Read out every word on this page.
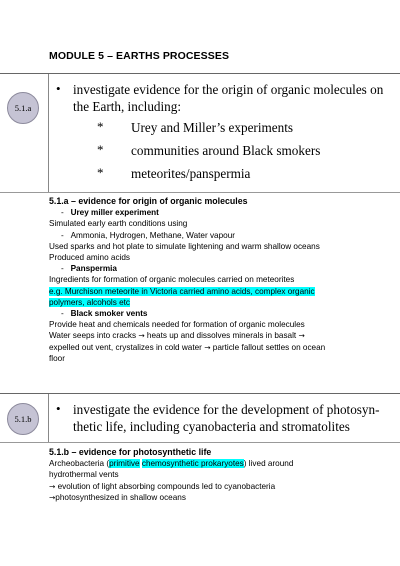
MODULE 5 – EARTHS PROCESSES
5.1.a
• investigate evidence for the origin of organic molecules on
the Earth, including:
* Urey and Miller’s experiments
* communities around Black smokers
* meteorites/panspermia
5.1.a – evidence for origin of organic molecules
- Urey miller experiment
Simulated early earth conditions using
- Ammonia, Hydrogen, Methane, Water vapour
Used sparks and hot plate to simulate lightening and warm shallow oceans
Produced amino acids
- Panspermia
Ingredients for formation of organic molecules carried on meteorites
e.g. Murchison meteorite in Victoria carried amino acids, complex organic polymers, alcohols etc
- Black smoker vents
Provide heat and chemicals needed for formation of organic molecules
Water seeps into cracks → heats up and dissolves minerals in basalt →
expelled out vent, crystalizes in cold water → particle fallout settles on ocean
floor
5.1.b
• investigate the evidence for the development of photosyn-
thetic life, including cyanobacteria and stromatolites
5.1.b – evidence for photosynthetic life
Archeobacteria (primitive chemosynthetic prokaryotes) lived around
hydrothermal vents
→ evolution of light absorbing compounds led to cyanobacteria
→photosynthesized in shallow oceans
